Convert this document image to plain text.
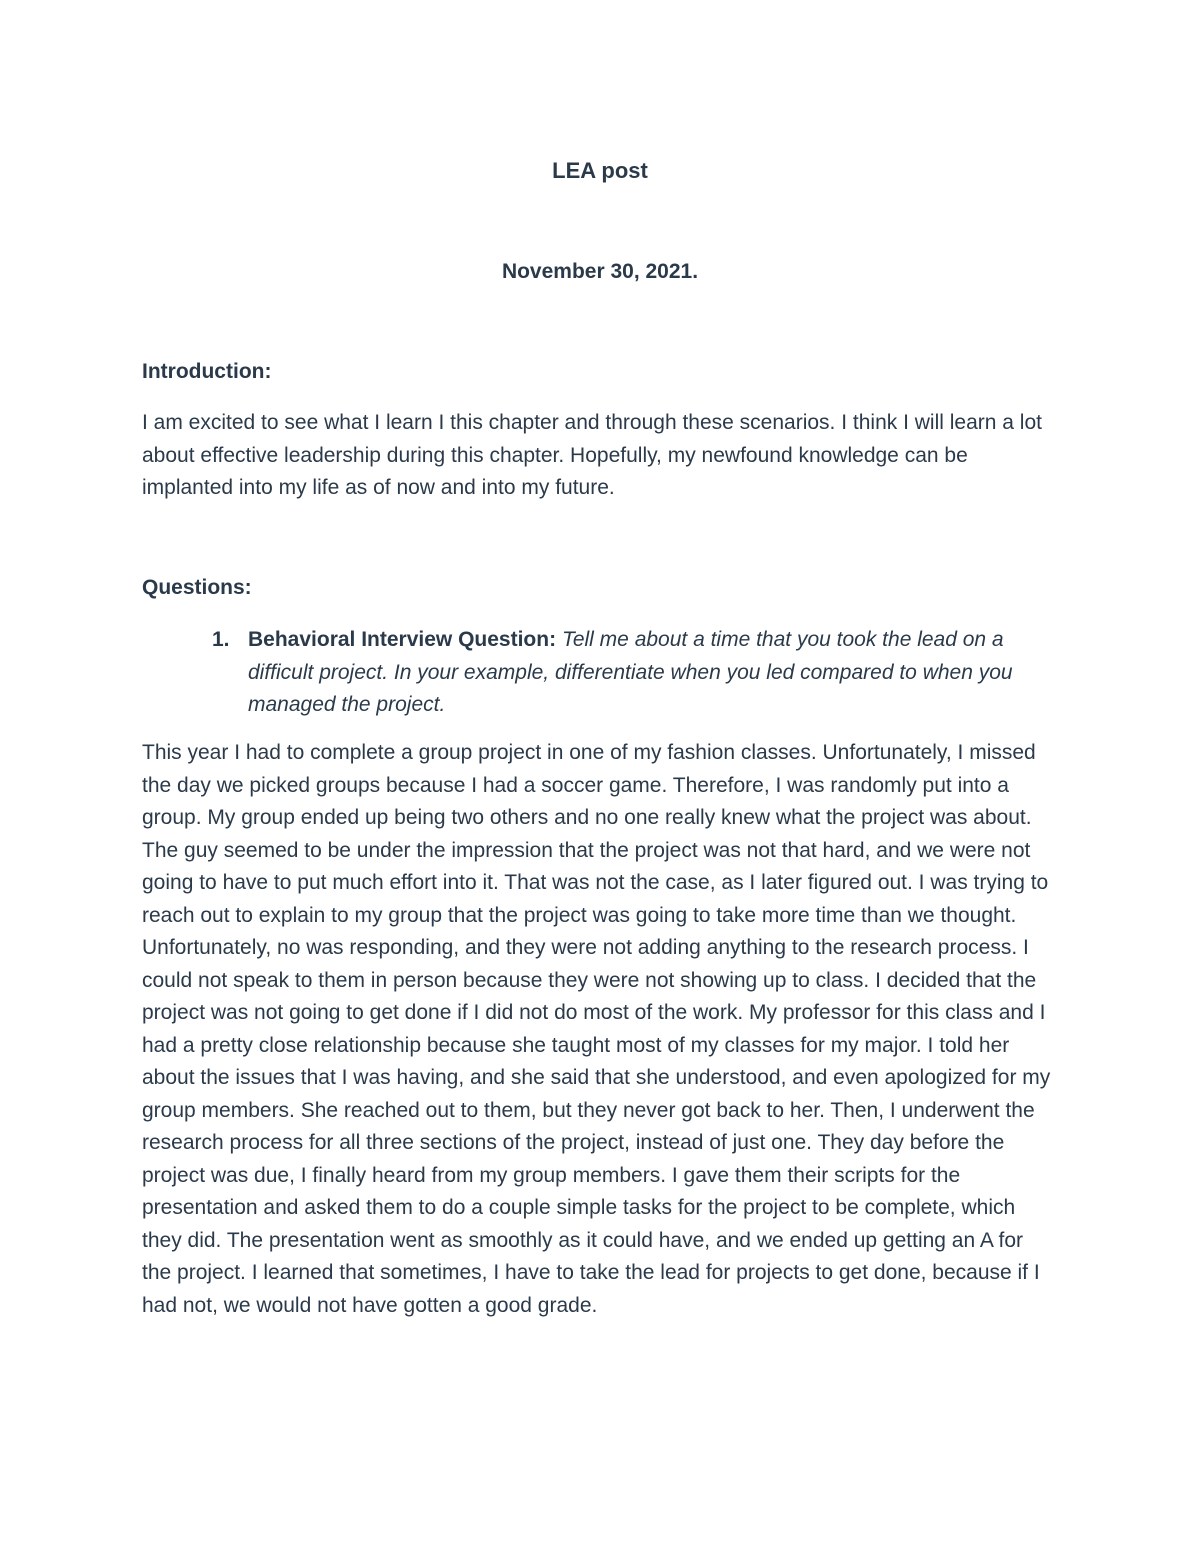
LEA post

November 30, 2021.

Introduction:

I am excited to see what I learn I this chapter and through these scenarios. I think I will learn a lot about effective leadership during this chapter. Hopefully, my newfound knowledge can be implanted into my life as of now and into my future.

Questions:
1. Behavioral Interview Question: Tell me about a time that you took the lead on a difficult project. In your example, differentiate when you led compared to when you managed the project.

This year I had to complete a group project in one of my fashion classes. Unfortunately, I missed the day we picked groups because I had a soccer game. Therefore, I was randomly put into a group. My group ended up being two others and no one really knew what the project was about. The guy seemed to be under the impression that the project was not that hard, and we were not going to have to put much effort into it. That was not the case, as I later figured out. I was trying to reach out to explain to my group that the project was going to take more time than we thought. Unfortunately, no was responding, and they were not adding anything to the research process. I could not speak to them in person because they were not showing up to class. I decided that the project was not going to get done if I did not do most of the work. My professor for this class and I had a pretty close relationship because she taught most of my classes for my major. I told her about the issues that I was having, and she said that she understood, and even apologized for my group members. She reached out to them, but they never got back to her. Then, I underwent the research process for all three sections of the project, instead of just one. They day before the project was due, I finally heard from my group members. I gave them their scripts for the presentation and asked them to do a couple simple tasks for the project to be complete, which they did. The presentation went as smoothly as it could have, and we ended up getting an A for the project. I learned that sometimes, I have to take the lead for projects to get done, because if I had not, we would not have gotten a good grade.
